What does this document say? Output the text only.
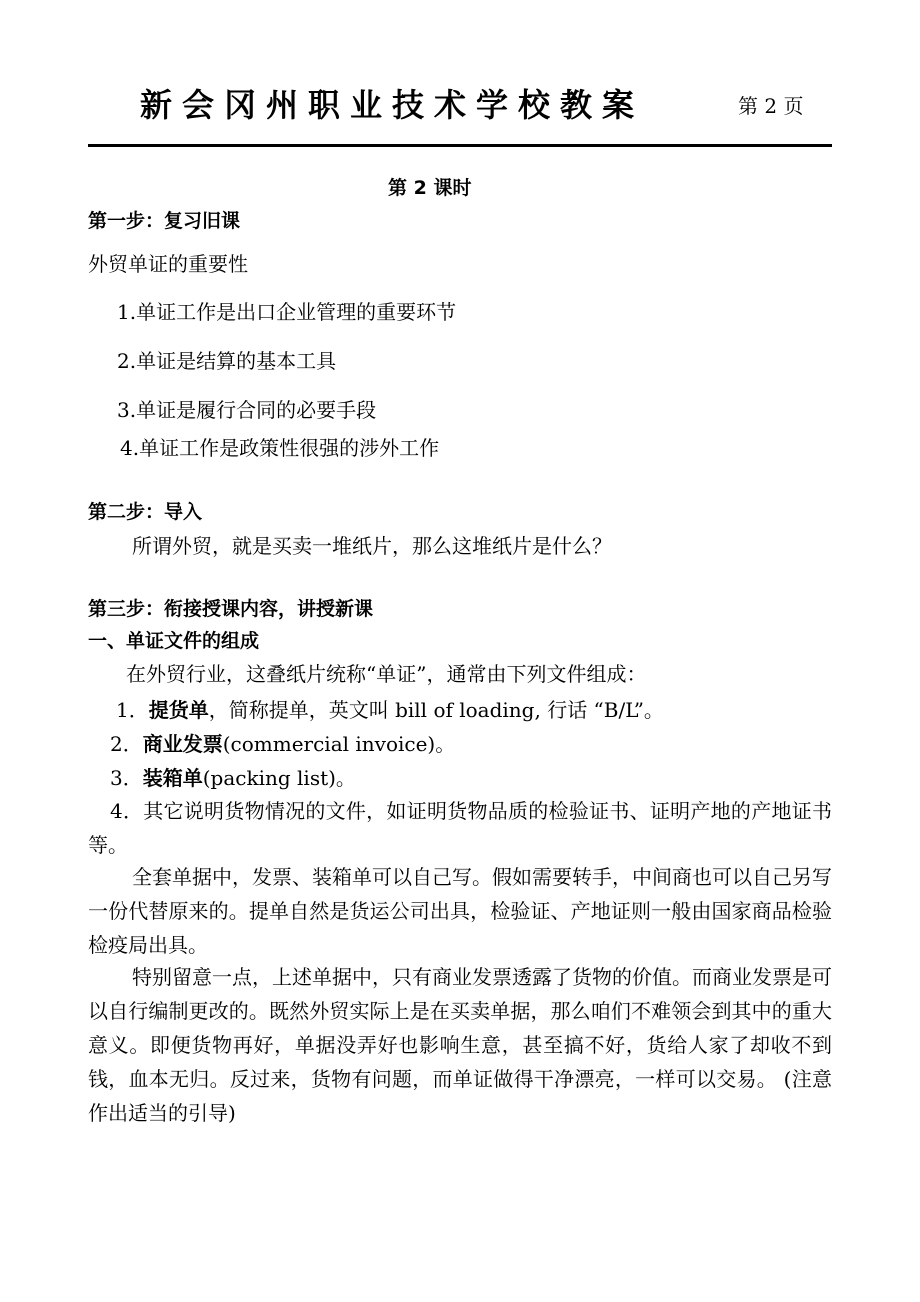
新会冈州职业技术学校教案	第 2 页
第 2 课时
第一步：复习旧课
外贸单证的重要性
1.单证工作是出口企业管理的重要环节
2.单证是结算的基本工具
3.单证是履行合同的必要手段
4.单证工作是政策性很强的涉外工作
第二步：导入
所谓外贸，就是买卖一堆纸片，那么这堆纸片是什么？
第三步：衔接授课内容，讲授新课
一、单证文件的组成
在外贸行业，这叠纸片统称“单证”，通常由下列文件组成：
1．提货单，简称提单，英文叫 bill of loading, 行话 “B/L”。
2．商业发票(commercial invoice)。
3．装箱单(packing list)。
4．其它说明货物情况的文件，如证明货物品质的检验证书、证明产地的产地证书等。
全套单据中，发票、装箱单可以自己写。假如需要转手，中间商也可以自己另写一份代替原来的。提单自然是货运公司出具，检验证、产地证则一般由国家商品检验检疫局出具。
特别留意一点，上述单据中，只有商业发票透露了货物的价值。而商业发票是可以自行编制更改的。既然外贸实际上是在买卖单据，那么咱们不难领会到其中的重大意义。即便货物再好，单据没弄好也影响生意，甚至搞不好，货给人家了却收不到钱，血本无归。反过来，货物有问题，而单证做得干净漂亮，一样可以交易。 (注意作出适当的引导)
